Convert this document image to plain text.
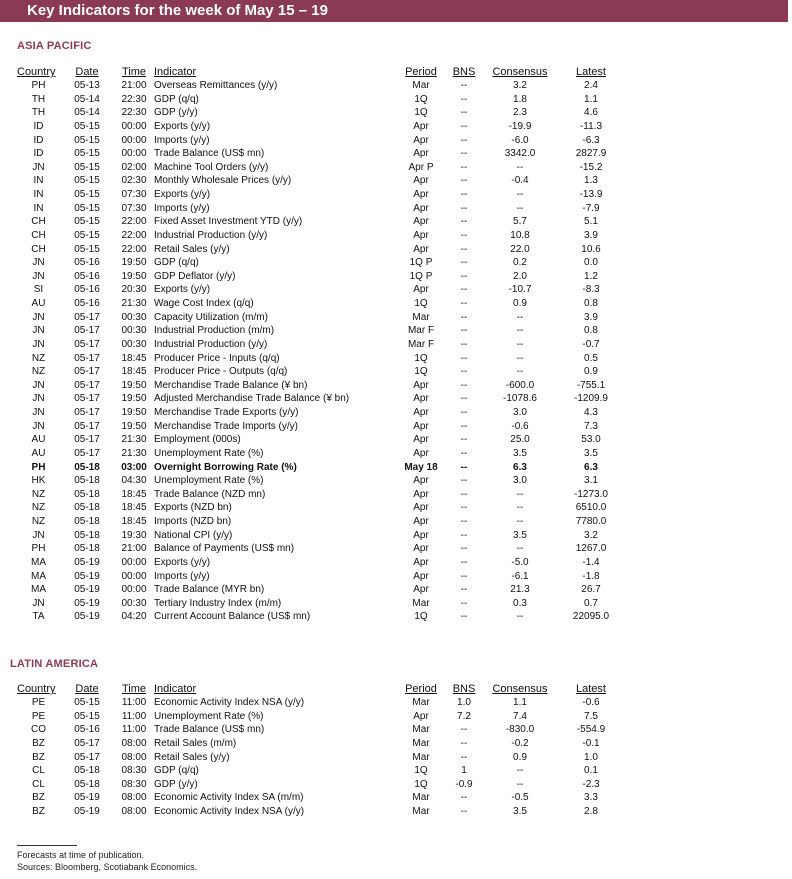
Key Indicators for the week of May 15 – 19
ASIA PACIFIC
Country	Date	Time	Indicator	Period	BNS	Consensus	Latest
PH	05-13	21:00	Overseas Remittances (y/y)	Mar	--	3.2	2.4
TH	05-14	22:30	GDP (q/q)	1Q	--	1.8	1.1
TH	05-14	22:30	GDP (y/y)	1Q	--	2.3	4.6
ID	05-15	00:00	Exports (y/y)	Apr	--	-19.9	-11.3
ID	05-15	00:00	Imports (y/y)	Apr	--	-6.0	-6.3
ID	05-15	00:00	Trade Balance (US$ mn)	Apr	--	3342.0	2827.9
JN	05-15	02:00	Machine Tool Orders (y/y)	Apr P	--	--	-15.2
IN	05-15	02:30	Monthly Wholesale Prices (y/y)	Apr	--	-0.4	1.3
IN	05-15	07:30	Exports (y/y)	Apr	--	--	-13.9
IN	05-15	07:30	Imports (y/y)	Apr	--	--	-7.9
CH	05-15	22:00	Fixed Asset Investment YTD (y/y)	Apr	--	5.7	5.1
CH	05-15	22:00	Industrial Production (y/y)	Apr	--	10.8	3.9
CH	05-15	22:00	Retail Sales (y/y)	Apr	--	22.0	10.6
JN	05-16	19:50	GDP (q/q)	1Q P	--	0.2	0.0
JN	05-16	19:50	GDP Deflator (y/y)	1Q P	--	2.0	1.2
SI	05-16	20:30	Exports (y/y)	Apr	--	-10.7	-8.3
AU	05-16	21:30	Wage Cost Index (q/q)	1Q	--	0.9	0.8
JN	05-17	00:30	Capacity Utilization (m/m)	Mar	--	--	3.9
JN	05-17	00:30	Industrial Production (m/m)	Mar F	--	--	0.8
JN	05-17	00:30	Industrial Production (y/y)	Mar F	--	--	-0.7
NZ	05-17	18:45	Producer Price - Inputs (q/q)	1Q	--	--	0.5
NZ	05-17	18:45	Producer Price - Outputs (q/q)	1Q	--	--	0.9
JN	05-17	19:50	Merchandise Trade Balance (¥ bn)	Apr	--	-600.0	-755.1
JN	05-17	19:50	Adjusted Merchandise Trade Balance (¥ bn)	Apr	--	-1078.6	-1209.9
JN	05-17	19:50	Merchandise Trade Exports (y/y)	Apr	--	3.0	4.3
JN	05-17	19:50	Merchandise Trade Imports (y/y)	Apr	--	-0.6	7.3
AU	05-17	21:30	Employment (000s)	Apr	--	25.0	53.0
AU	05-17	21:30	Unemployment Rate (%)	Apr	--	3.5	3.5
PH	05-18	03:00	Overnight Borrowing Rate (%)	May 18	--	6.3	6.3
HK	05-18	04:30	Unemployment Rate (%)	Apr	--	3.0	3.1
NZ	05-18	18:45	Trade Balance (NZD mn)	Apr	--	--	-1273.0
NZ	05-18	18:45	Exports (NZD bn)	Apr	--	--	6510.0
NZ	05-18	18:45	Imports (NZD bn)	Apr	--	--	7780.0
JN	05-18	19:30	National CPI (y/y)	Apr	--	3.5	3.2
PH	05-18	21:00	Balance of Payments (US$ mn)	Apr	--	--	1267.0
MA	05-19	00:00	Exports (y/y)	Apr	--	-5.0	-1.4
MA	05-19	00:00	Imports (y/y)	Apr	--	-6.1	-1.8
MA	05-19	00:00	Trade Balance (MYR bn)	Apr	--	21.3	26.7
JN	05-19	00:30	Tertiary Industry Index (m/m)	Mar	--	0.3	0.7
TA	05-19	04:20	Current Account Balance (US$ mn)	1Q	--	--	22095.0
LATIN AMERICA
Country	Date	Time	Indicator	Period	BNS	Consensus	Latest
PE	05-15	11:00	Economic Activity Index NSA (y/y)	Mar	1.0	1.1	-0.6
PE	05-15	11:00	Unemployment Rate (%)	Apr	7.2	7.4	7.5
CO	05-16	11:00	Trade Balance (US$ mn)	Mar	--	-830.0	-554.9
BZ	05-17	08:00	Retail Sales (m/m)	Mar	--	-0.2	-0.1
BZ	05-17	08:00	Retail Sales (y/y)	Mar	--	0.9	1.0
CL	05-18	08:30	GDP (q/q)	1Q	1	--	0.1
CL	05-18	08:30	GDP (y/y)	1Q	-0.9	--	-2.3
BZ	05-19	08:00	Economic Activity Index SA (m/m)	Mar	--	-0.5	3.3
BZ	05-19	08:00	Economic Activity Index NSA (y/y)	Mar	--	3.5	2.8
Forecasts at time of publication.
Sources: Bloomberg, Scotiabank Economics.
